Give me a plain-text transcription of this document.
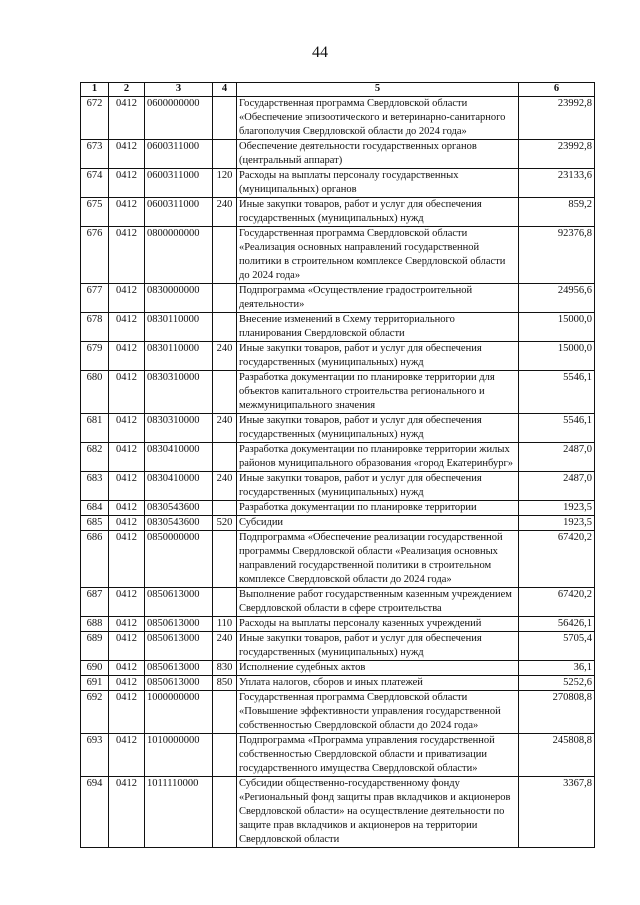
44
1	2	3	4	5	6
672	0412	0600000000		Государственная программа Свердловской области «Обеспечение эпизоотического и ветеринарно-санитарного благополучия Свердловской области до 2024 года»	23992,8
673	0412	0600311000		Обеспечение деятельности государственных органов (центральный аппарат)	23992,8
674	0412	0600311000	120	Расходы на выплаты персоналу государственных (муниципальных) органов	23133,6
675	0412	0600311000	240	Иные закупки товаров, работ и услуг для обеспечения государственных (муниципальных) нужд	859,2
676	0412	0800000000		Государственная программа Свердловской области «Реализация основных направлений государственной политики в строительном комплексе Свердловской области до 2024 года»	92376,8
677	0412	0830000000		Подпрограмма «Осуществление градостроительной деятельности»	24956,6
678	0412	0830110000		Внесение изменений в Схему территориального планирования Свердловской области	15000,0
679	0412	0830110000	240	Иные закупки товаров, работ и услуг для обеспечения государственных (муниципальных) нужд	15000,0
680	0412	0830310000		Разработка документации по планировке территории для объектов капитального строительства регионального и межмуниципального значения	5546,1
681	0412	0830310000	240	Иные закупки товаров, работ и услуг для обеспечения государственных (муниципальных) нужд	5546,1
682	0412	0830410000		Разработка документации по планировке территории жилых районов муниципального образования «город Екатеринбург»	2487,0
683	0412	0830410000	240	Иные закупки товаров, работ и услуг для обеспечения государственных (муниципальных) нужд	2487,0
684	0412	0830543600		Разработка документации по планировке территории	1923,5
685	0412	0830543600	520	Субсидии	1923,5
686	0412	0850000000		Подпрограмма «Обеспечение реализации государственной программы Свердловской области «Реализация основных направлений государственной политики в строительном комплексе Свердловской области до 2024 года»	67420,2
687	0412	0850613000		Выполнение работ государственным казенным учреждением Свердловской области в сфере строительства	67420,2
688	0412	0850613000	110	Расходы на выплаты персоналу казенных учреждений	56426,1
689	0412	0850613000	240	Иные закупки товаров, работ и услуг для обеспечения государственных (муниципальных) нужд	5705,4
690	0412	0850613000	830	Исполнение судебных актов	36,1
691	0412	0850613000	850	Уплата налогов, сборов и иных платежей	5252,6
692	0412	1000000000		Государственная программа Свердловской области «Повышение эффективности управления государственной собственностью Свердловской области до 2024 года»	270808,8
693	0412	1010000000		Подпрограмма «Программа управления государственной собственностью Свердловской области и приватизации государственного имущества Свердловской области»	245808,8
694	0412	1011110000		Субсидии общественно-государственному фонду «Региональный фонд защиты прав вкладчиков и акционеров Свердловской области» на осуществление деятельности по защите прав вкладчиков и акционеров на территории Свердловской области	3367,8
